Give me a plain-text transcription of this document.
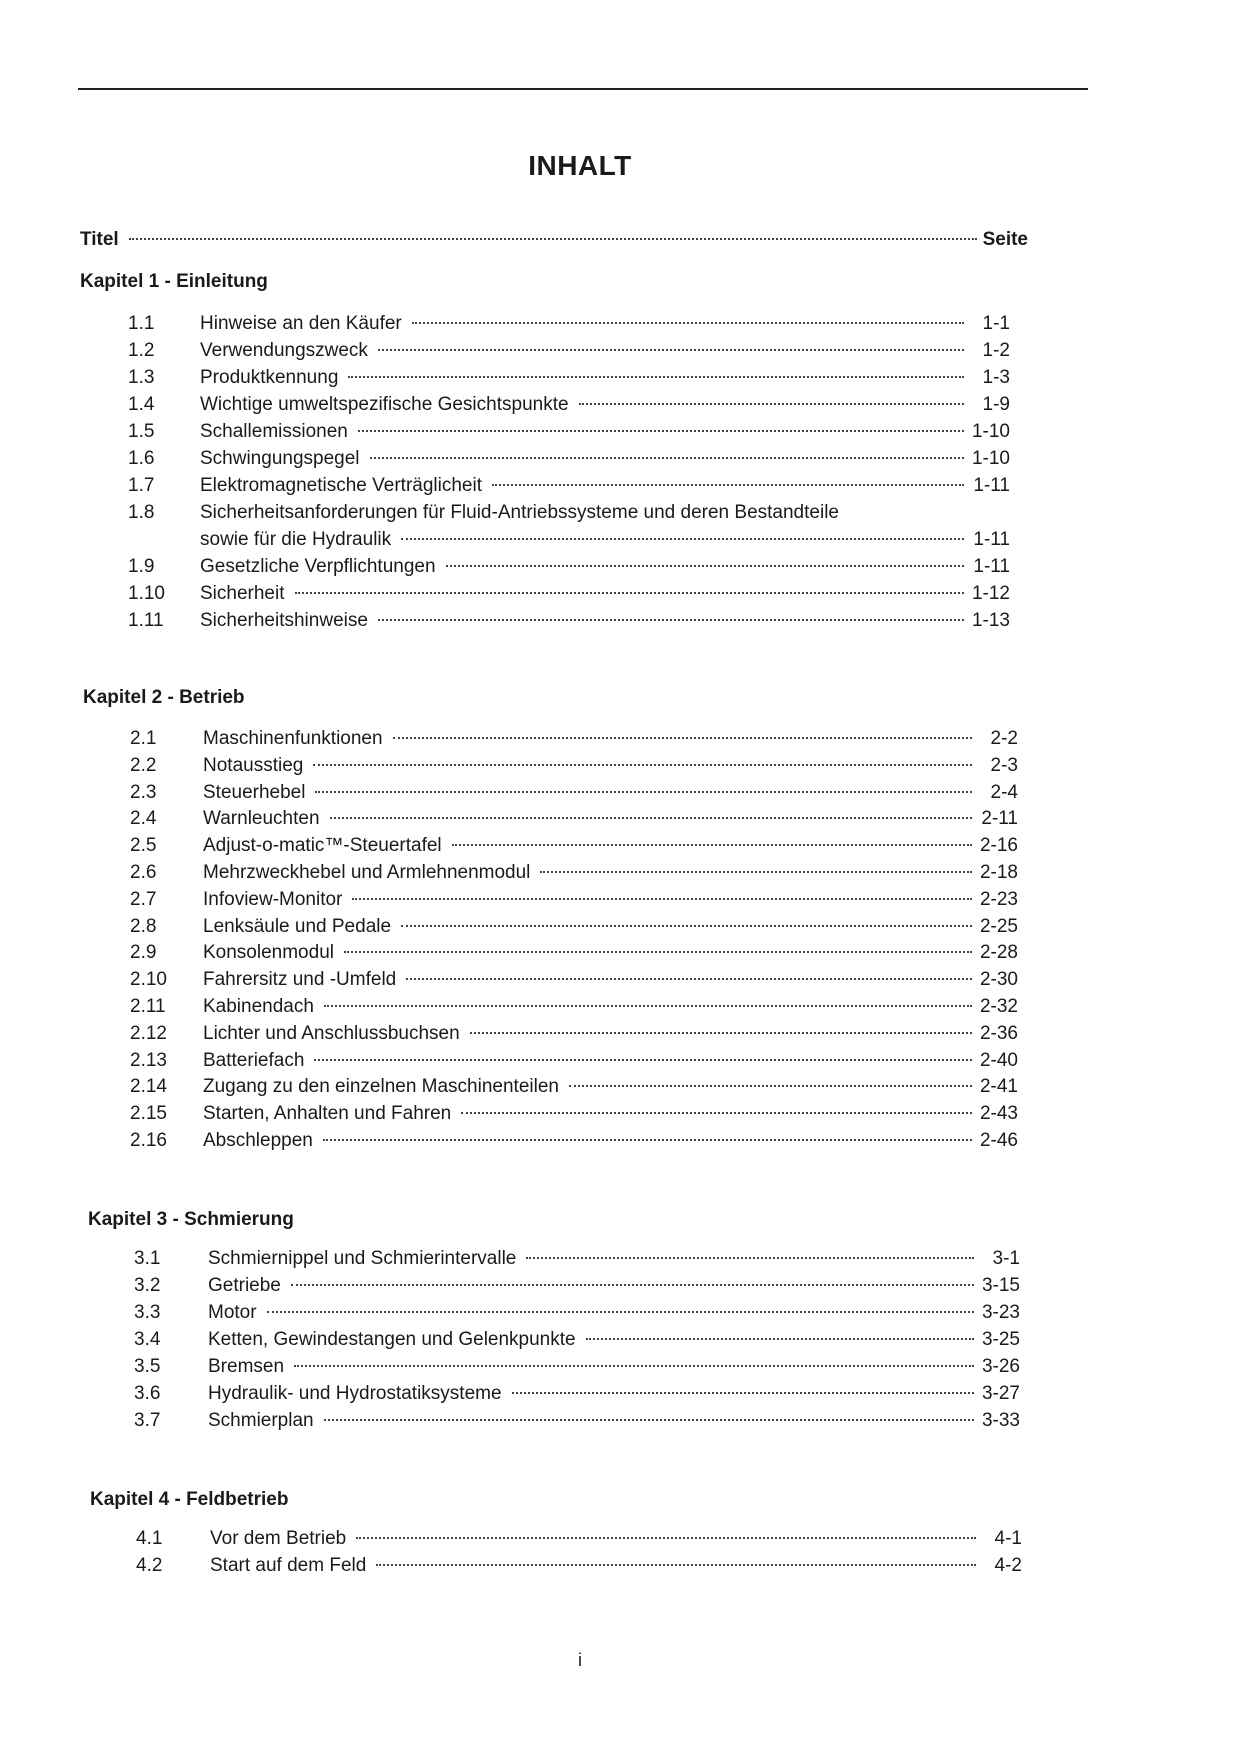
INHALT
Titel	Seite
Kapitel 1 - Einleitung
1.1	Hinweise an den Käufer	1-1
1.2	Verwendungszweck	1-2
1.3	Produktkennung	1-3
1.4	Wichtige umweltspezifische Gesichtspunkte	1-9
1.5	Schallemissionen	1-10
1.6	Schwingungspegel	1-10
1.7	Elektromagnetische Verträglicheit	1-11
1.8	Sicherheitsanforderungen für Fluid-Antriebssysteme und deren Bestandteile
sowie für die Hydraulik	1-11
1.9	Gesetzliche Verpflichtungen	1-11
1.10	Sicherheit	1-12
1.11	Sicherheitshinweise	1-13
Kapitel 2 - Betrieb
2.1	Maschinenfunktionen	2-2
2.2	Notausstieg	2-3
2.3	Steuerhebel	2-4
2.4	Warnleuchten	2-11
2.5	Adjust-o-matic™-Steuertafel	2-16
2.6	Mehrzweckhebel und Armlehnenmodul	2-18
2.7	Infoview-Monitor	2-23
2.8	Lenksäule und Pedale	2-25
2.9	Konsolenmodul	2-28
2.10	Fahrersitz und -Umfeld	2-30
2.11	Kabinendach	2-32
2.12	Lichter und Anschlussbuchsen	2-36
2.13	Batteriefach	2-40
2.14	Zugang zu den einzelnen Maschinenteilen	2-41
2.15	Starten, Anhalten und Fahren	2-43
2.16	Abschleppen	2-46
Kapitel 3 - Schmierung
3.1	Schmiernippel und Schmierintervalle	3-1
3.2	Getriebe	3-15
3.3	Motor	3-23
3.4	Ketten, Gewindestangen und Gelenkpunkte	3-25
3.5	Bremsen	3-26
3.6	Hydraulik- und Hydrostatiksysteme	3-27
3.7	Schmierplan	3-33
Kapitel 4 - Feldbetrieb
4.1	Vor dem Betrieb	4-1
4.2	Start auf dem Feld	4-2
i
